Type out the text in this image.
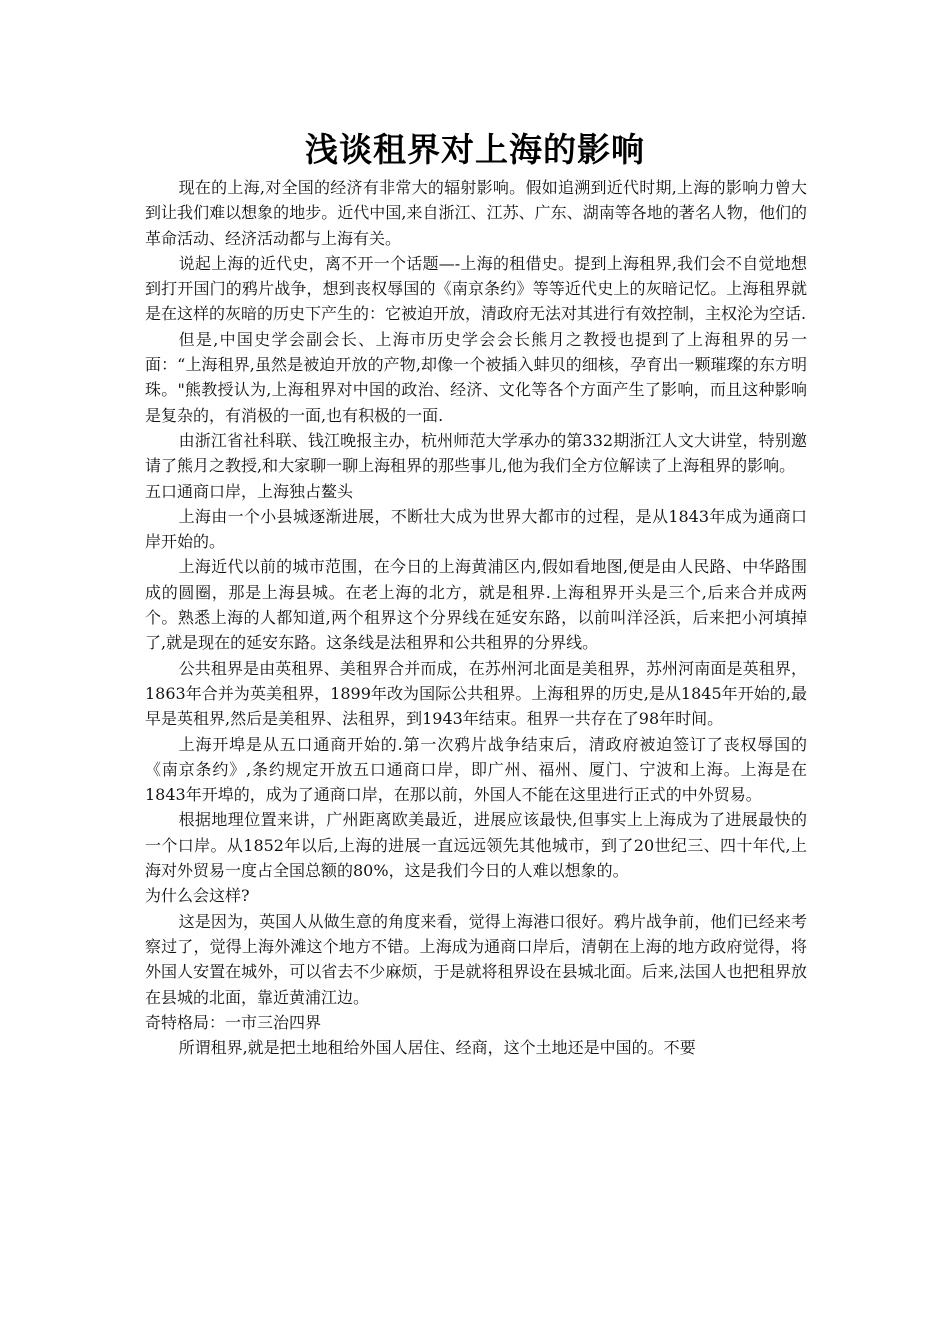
浅谈租界对上海的影响

现在的上海,对全国的经济有非常大的辐射影响。假如追溯到近代时期,上海的影响力曾大到让我们难以想象的地步。近代中国,来自浙江、江苏、广东、湖南等各地的著名人物，他们的革命活动、经济活动都与上海有关。

说起上海的近代史，离不开一个话题—-上海的租借史。提到上海租界,我们会不自觉地想到打开国门的鸦片战争，想到丧权辱国的《南京条约》等等近代史上的灰暗记忆。上海租界就是在这样的灰暗的历史下产生的：它被迫开放，清政府无法对其进行有效控制，主权沦为空话.

但是,中国史学会副会长、上海市历史学会会长熊月之教授也提到了上海租界的另一面：“上海租界,虽然是被迫开放的产物,却像一个被插入蚌贝的细核，孕育出一颗璀璨的东方明珠。"熊教授认为,上海租界对中国的政治、经济、文化等各个方面产生了影响，而且这种影响是复杂的，有消极的一面,也有积极的一面.

由浙江省社科联、钱江晚报主办，杭州师范大学承办的第332期浙江人文大讲堂，特别邀请了熊月之教授,和大家聊一聊上海租界的那些事儿,他为我们全方位解读了上海租界的影响。

五口通商口岸，上海独占鳌头

上海由一个小县城逐渐进展，不断壮大成为世界大都市的过程，是从1843年成为通商口岸开始的。

上海近代以前的城市范围，在今日的上海黄浦区内,假如看地图,便是由人民路、中华路围成的圆圈，那是上海县城。在老上海的北方，就是租界.上海租界开头是三个,后来合并成两个。熟悉上海的人都知道,两个租界这个分界线在延安东路，以前叫洋泾浜，后来把小河填掉了,就是现在的延安东路。这条线是法租界和公共租界的分界线。

公共租界是由英租界、美租界合并而成，在苏州河北面是美租界，苏州河南面是英租界，1863年合并为英美租界，1899年改为国际公共租界。上海租界的历史,是从1845年开始的,最早是英租界,然后是美租界、法租界，到1943年结束。租界一共存在了98年时间。

上海开埠是从五口通商开始的.第一次鸦片战争结束后，清政府被迫签订了丧权辱国的《南京条约》,条约规定开放五口通商口岸，即广州、福州、厦门、宁波和上海。上海是在1843年开埠的，成为了通商口岸，在那以前，外国人不能在这里进行正式的中外贸易。

根据地理位置来讲，广州距离欧美最近，进展应该最快,但事实上上海成为了进展最快的一个口岸。从1852年以后,上海的进展一直远远领先其他城市，到了20世纪三、四十年代,上海对外贸易一度占全国总额的80%，这是我们今日的人难以想象的。

为什么会这样?

这是因为，英国人从做生意的角度来看，觉得上海港口很好。鸦片战争前，他们已经来考察过了，觉得上海外滩这个地方不错。上海成为通商口岸后，清朝在上海的地方政府觉得，将外国人安置在城外，可以省去不少麻烦，于是就将租界设在县城北面。后来,法国人也把租界放在县城的北面，靠近黄浦江边。

奇特格局：一市三治四界

所谓租界,就是把土地租给外国人居住、经商，这个土地还是中国的。不要
